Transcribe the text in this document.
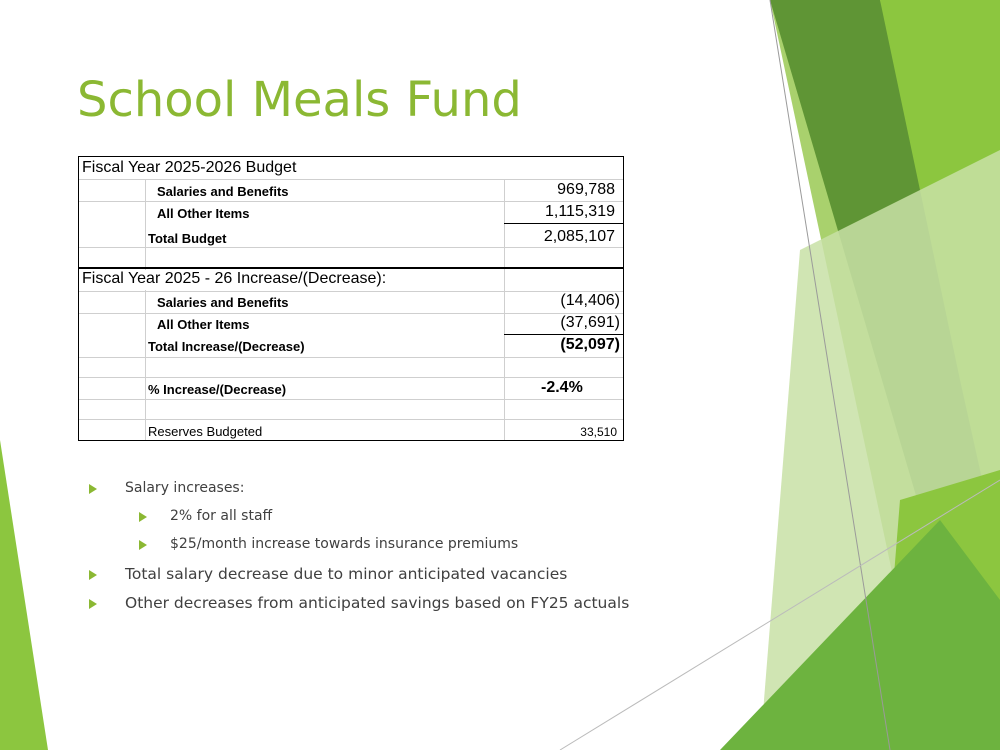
School Meals Fund
Fiscal Year 2025-2026 Budget
Salaries and Benefits	969,788
All Other Items	1,115,319
Total Budget	2,085,107
Fiscal Year 2025 - 26 Increase/(Decrease):
Salaries and Benefits	(14,406)
All Other Items	(37,691)
Total Increase/(Decrease)	(52,097)
% Increase/(Decrease)	-2.4%
Reserves Budgeted	33,510
Salary increases:
2% for all staff
$25/month increase towards insurance premiums
Total salary decrease due to minor anticipated vacancies
Other decreases from anticipated savings based on FY25 actuals
